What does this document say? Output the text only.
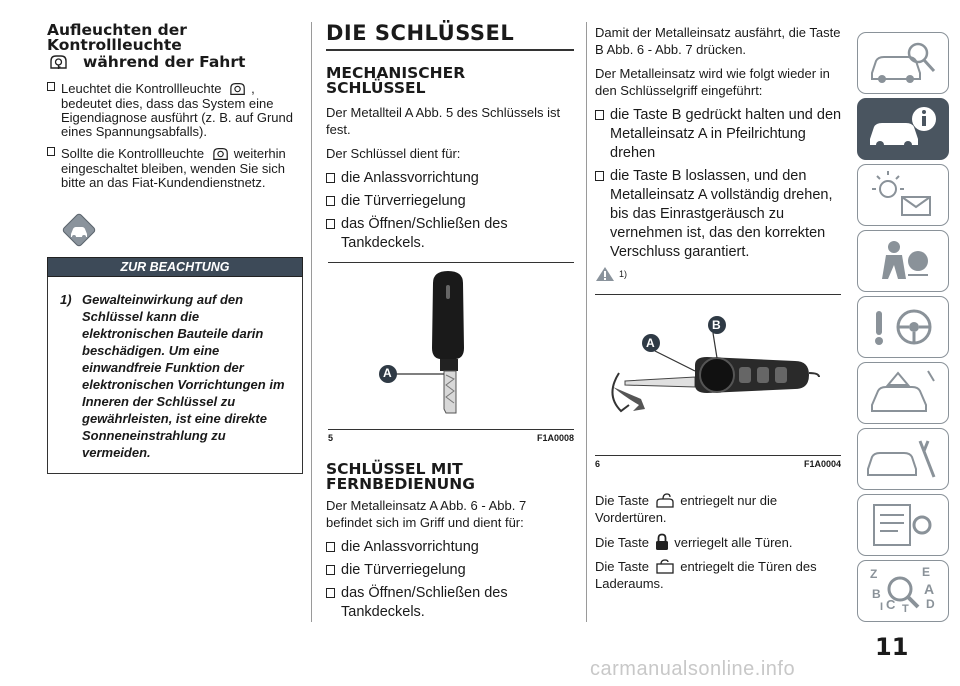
Aufleuchten der
Kontrollleuchte
während der Fahrt
Leuchtet die Kontrollleuchte , bedeutet dies, dass das System eine Eigendiagnose ausführt (z. B. auf Grund eines Spannungsabfalls).
Sollte die Kontrollleuchte weiterhin eingeschaltet bleiben, wenden Sie sich bitte an das Fiat-Kundendienstnetz.
ZUR BEACHTUNG
1) Gewalteinwirkung auf den Schlüssel kann die elektronischen Bauteile darin beschädigen. Um eine einwandfreie Funktion der elektronischen Vorrichtungen im Inneren der Schlüssel zu gewährleisten, ist eine direkte Sonneneinstrahlung zu vermeiden.
DIE SCHLÜSSEL
MECHANISCHER
SCHLÜSSEL
Der Metallteil A Abb. 5 des Schlüssels ist fest.
Der Schlüssel dient für:
die Anlassvorrichtung
die Türverriegelung
das Öffnen/Schließen des Tankdeckels.
A
5	F1A0008
SCHLÜSSEL MIT
FERNBEDIENUNG
Der Metalleinsatz A Abb. 6 - Abb. 7 befindet sich im Griff und dient für:
die Anlassvorrichtung
die Türverriegelung
das Öffnen/Schließen des Tankdeckels.
Damit der Metalleinsatz ausfährt, die Taste B Abb. 6 - Abb. 7 drücken.
Der Metalleinsatz wird wie folgt wieder in den Schlüsselgriff eingeführt:
die Taste B gedrückt halten und den Metalleinsatz A in Pfeilrichtung drehen
die Taste B loslassen, und den Metalleinsatz A vollständig drehen, bis das Einrastgeräusch zu vernehmen ist, das den korrekten Verschluss garantiert.
1)
A
B
6	F1A0004
Die Taste entriegelt nur die Vordertüren.
Die Taste verriegelt alle Türen.
Die Taste entriegelt die Türen des Laderaums.
Z	E
A
B
C	D
I T
11
carmanualsonline.info
